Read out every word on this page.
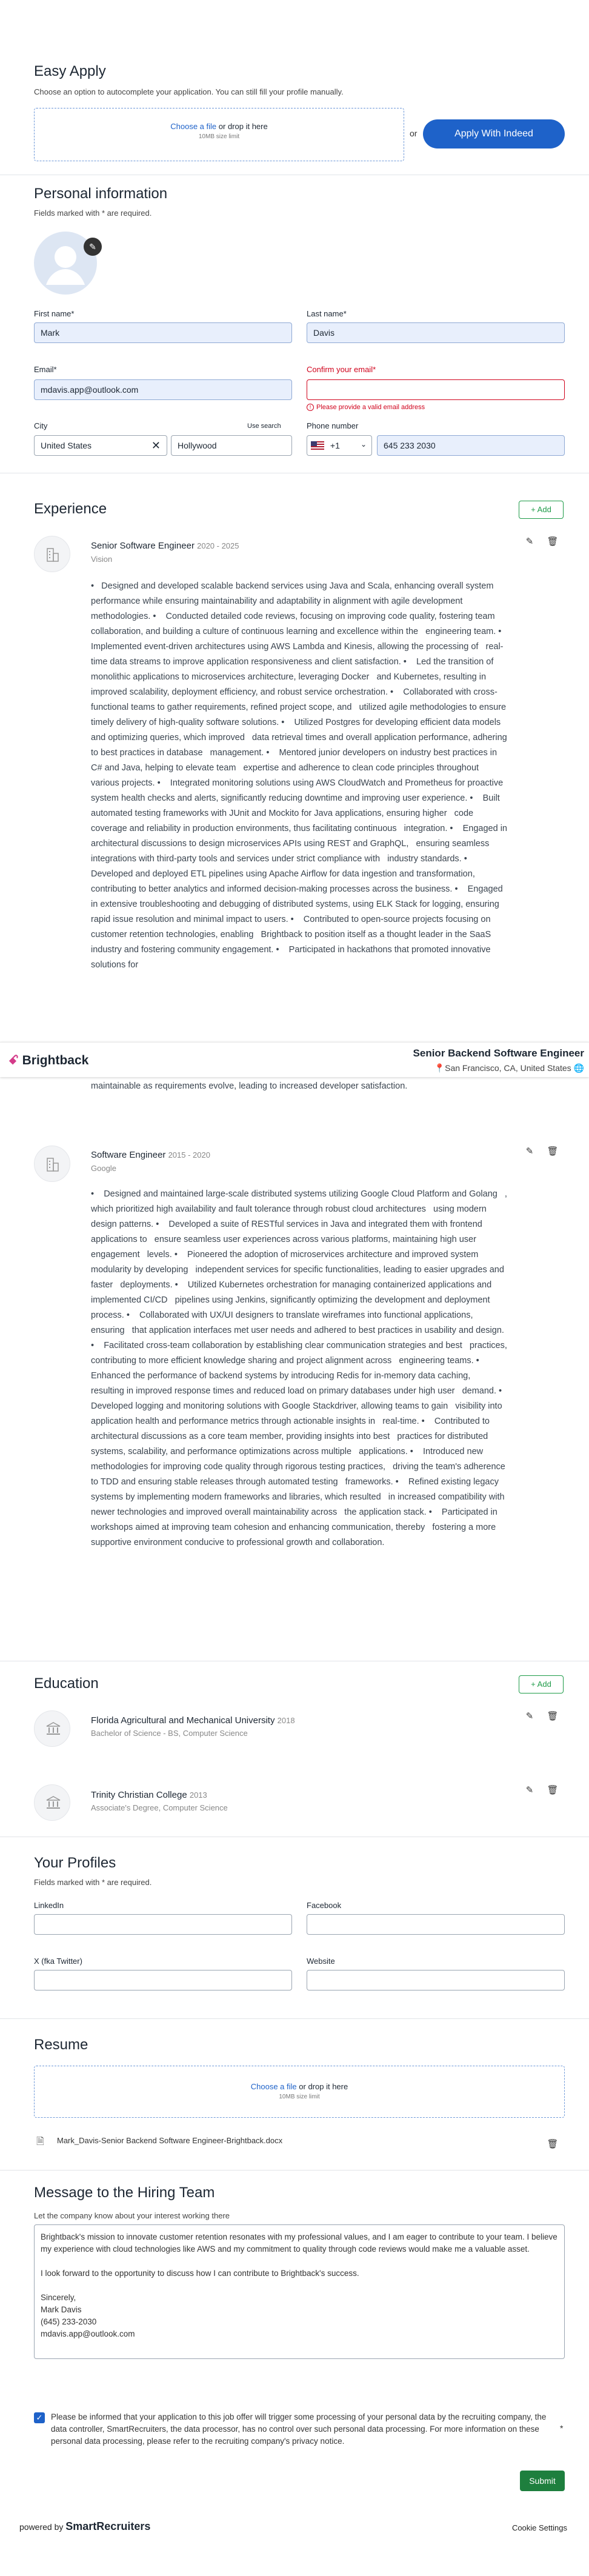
Easy Apply
Choose an option to autocomplete your application. You can still fill your profile manually.
Choose a file or drop it here
10MB size limit	or	Apply With Indeed
Personal information
Fields marked with * are required.
✎
First name*
Mark
Last name*
Davis
Email*
mdavis.app@outlook.com
Confirm your email*
! Please provide a valid email address
City	Use search
United States	✕	Hollywood
Phone number
+1	⌄	645 233 2030
Experience	+ Add
Senior Software Engineer 2020 - 2025
Vision
✎ 🗑
•   Designed and developed scalable backend services using Java and Scala, enhancing overall system   performance while ensuring maintainability and adaptability in alignment with agile development   methodologies. •    Conducted detailed code reviews, focusing on improving code quality, fostering team   collaboration, and building a culture of continuous learning and excellence within the   engineering team. •    Implemented event-driven architectures using AWS Lambda and Kinesis, allowing the processing of   real-time data streams to improve application responsiveness and client satisfaction. •    Led the transition of monolithic applications to microservices architecture, leveraging Docker   and Kubernetes, resulting in improved scalability, deployment efficiency, and robust service orchestration. •    Collaborated with cross-functional teams to gather requirements, refined project scope, and   utilized agile methodologies to ensure timely delivery of high-quality software solutions. •    Utilized Postgres for developing efficient data models and optimizing queries, which improved   data retrieval times and overall application performance, adhering to best practices in database   management. •    Mentored junior developers on industry best practices in C# and Java, helping to elevate team   expertise and adherence to clean code principles throughout various projects. •    Integrated monitoring solutions using AWS CloudWatch and Prometheus for proactive system health checks and alerts, significantly reducing downtime and improving user experience. •    Built automated testing frameworks with JUnit and Mockito for Java applications, ensuring higher   code coverage and reliability in production environments, thus facilitating continuous   integration. •    Engaged in architectural discussions to design microservices APIs using REST and GraphQL,   ensuring seamless integrations with third-party tools and services under strict compliance with   industry standards. •    Developed and deployed ETL pipelines using Apache Airflow for data ingestion and transformation,   contributing to better analytics and informed decision-making processes across the business. •    Engaged in extensive troubleshooting and debugging of distributed systems, using ELK Stack for logging, ensuring rapid issue resolution and minimal impact to users. •    Contributed to open-source projects focusing on customer retention technologies, enabling   Brightback to position itself as a thought leader in the SaaS industry and fostering community engagement. •    Participated in hackathons that promoted innovative solutions for
ꗃ Brightback
Senior Backend Software Engineer
📍San Francisco, CA, United States 🌐
maintainable as requirements evolve, leading to increased developer satisfaction.
Software Engineer 2015 - 2020
Google
✎ 🗑
•    Designed and maintained large-scale distributed systems utilizing Google Cloud Platform and Golang   , which prioritized high availability and fault tolerance through robust cloud architectures   using modern design patterns. •    Developed a suite of RESTful services in Java and integrated them with frontend applications to   ensure seamless user experiences across various platforms, maintaining high user engagement   levels. •    Pioneered the adoption of microservices architecture and improved system modularity by developing   independent services for specific functionalities, leading to easier upgrades and faster   deployments. •    Utilized Kubernetes orchestration for managing containerized applications and implemented CI/CD   pipelines using Jenkins, significantly optimizing the development and deployment process. •    Collaborated with UX/UI designers to translate wireframes into functional applications, ensuring   that application interfaces met user needs and adhered to best practices in usability and design. •    Facilitated cross-team collaboration by establishing clear communication strategies and best   practices, contributing to more efficient knowledge sharing and project alignment across   engineering teams. •    Enhanced the performance of backend systems by introducing Redis for in-memory data caching,   resulting in improved response times and reduced load on primary databases under high user   demand. •    Developed logging and monitoring solutions with Google Stackdriver, allowing teams to gain   visibility into application health and performance metrics through actionable insights in   real-time. •    Contributed to architectural discussions as a core team member, providing insights into best   practices for distributed systems, scalability, and performance optimizations across multiple   applications. •    Introduced new methodologies for improving code quality through rigorous testing practices,   driving the team's adherence to TDD and ensuring stable releases through automated testing   frameworks. •    Refined existing legacy systems by implementing modern frameworks and libraries, which resulted   in increased compatibility with newer technologies and improved overall maintainability across   the application stack. •    Participated in workshops aimed at improving team cohesion and enhancing communication, thereby   fostering a more supportive environment conducive to professional growth and collaboration.
Education	+ Add
Florida Agricultural and Mechanical University 2018
Bachelor of Science - BS, Computer Science
✎ 🗑
Trinity Christian College 2013
Associate's Degree, Computer Science
✎ 🗑
Your Profiles
Fields marked with * are required.
LinkedIn	Facebook
X (fka Twitter)	Website
Resume
Choose a file or drop it here
10MB size limit
🗎 Mark_Davis-Senior Backend Software Engineer-Brightback.docx	🗑
Message to the Hiring Team
Let the company know about your interest working there
Brightback's mission to innovate customer retention resonates with my professional values, and I am eager to contribute to your team. I believe my experience with cloud technologies like AWS and my commitment to quality through code reviews would make me a valuable asset.

I look forward to the opportunity to discuss how I can contribute to Brightback's success.

Sincerely,
Mark Davis
(645) 233-2030
mdavis.app@outlook.com
✓ Please be informed that your application to this job offer will trigger some processing of your personal data by the recruiting company, the data controller, SmartRecruiters, the data processor, has no control over such personal data processing. For more information on these personal data processing, please refer to the recruiting company's privacy notice.
*
Submit
powered by SmartRecruiters	Cookie Settings
